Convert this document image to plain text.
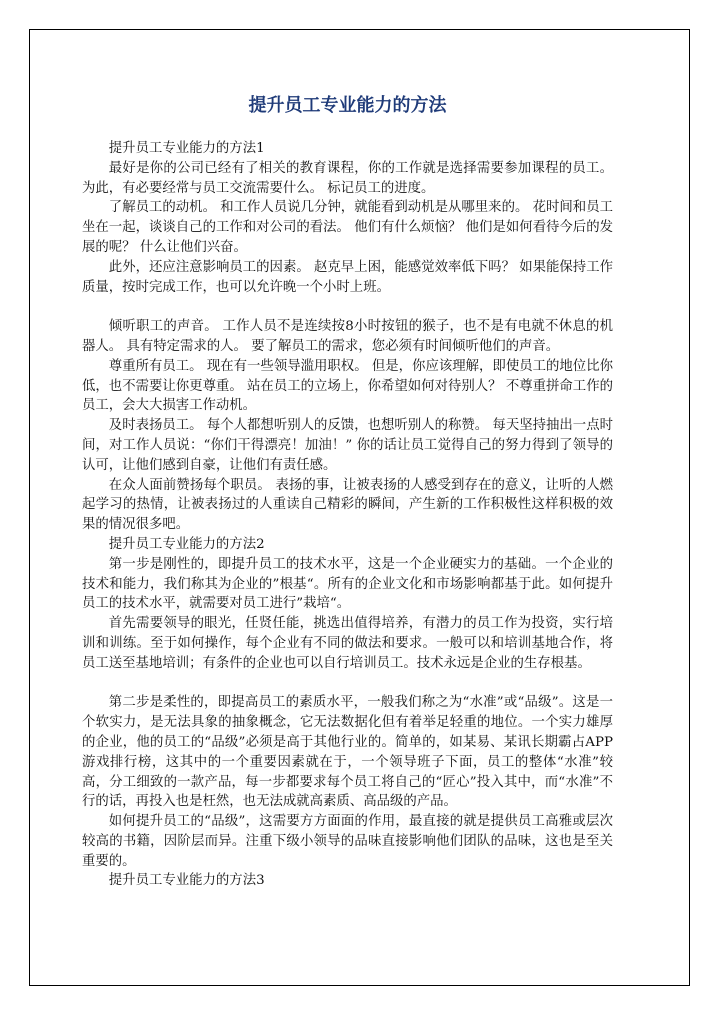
提升员工专业能力的方法

提升员工专业能力的方法1

最好是你的公司已经有了相关的教育课程，你的工作就是选择需要参加课程的员工。 为此，有必要经常与员工交流需要什么。 标记员工的进度。

了解员工的动机。 和工作人员说几分钟，就能看到动机是从哪里来的。 花时间和员工坐在一起，谈谈自己的工作和对公司的看法。 他们有什么烦恼？ 他们是如何看待今后的发展的呢？ 什么让他们兴奋。

此外，还应注意影响员工的因素。 赵克早上困，能感觉效率低下吗？ 如果能保持工作质量，按时完成工作，也可以允许晚一个小时上班。

倾听职工的声音。 工作人员不是连续按8小时按钮的猴子，也不是有电就不休息的机器人。 具有特定需求的人。 要了解员工的需求，您必须有时间倾听他们的声音。

尊重所有员工。 现在有一些领导滥用职权。 但是，你应该理解，即使员工的地位比你低，也不需要让你更尊重。 站在员工的立场上，你希望如何对待别人？ 不尊重拼命工作的员工，会大大损害工作动机。

及时表扬员工。 每个人都想听别人的反馈，也想听别人的称赞。 每天坚持抽出一点时间，对工作人员说：“你们干得漂亮！加油！” 你的话让员工觉得自己的努力得到了领导的认可，让他们感到自豪，让他们有责任感。

在众人面前赞扬每个职员。 表扬的事，让被表扬的人感受到存在的意义，让听的人燃起学习的热情，让被表扬过的人重读自己精彩的瞬间，产生新的工作积极性这样积极的效果的情况很多吧。

提升员工专业能力的方法2

第一步是刚性的，即提升员工的技术水平，这是一个企业硬实力的基础。一个企业的技术和能力，我们称其为企业的”根基“。所有的企业文化和市场影响都基于此。如何提升员工的技术水平，就需要对员工进行”栽培“。

首先需要领导的眼光，任贤任能，挑选出值得培养，有潜力的员工作为投资，实行培训和训练。至于如何操作，每个企业有不同的做法和要求。一般可以和培训基地合作，将员工送至基地培训；有条件的企业也可以自行培训员工。技术永远是企业的生存根基。

第二步是柔性的，即提高员工的素质水平，一般我们称之为“水准”或“品级”。这是一个软实力，是无法具象的抽象概念，它无法数据化但有着举足轻重的地位。一个实力雄厚的企业，他的员工的“品级”必须是高于其他行业的。简单的，如某易、某讯长期霸占APP游戏排行榜，这其中的一个重要因素就在于，一个领导班子下面，员工的整体“水准”较高，分工细致的一款产品，每一步都要求每个员工将自己的“匠心”投入其中，而“水准”不行的话，再投入也是枉然，也无法成就高素质、高品级的产品。

如何提升员工的“品级”，这需要方方面面的作用，最直接的就是提供员工高雅或层次较高的书籍，因阶层而异。注重下级小领导的品味直接影响他们团队的品味，这也是至关重要的。

提升员工专业能力的方法3
